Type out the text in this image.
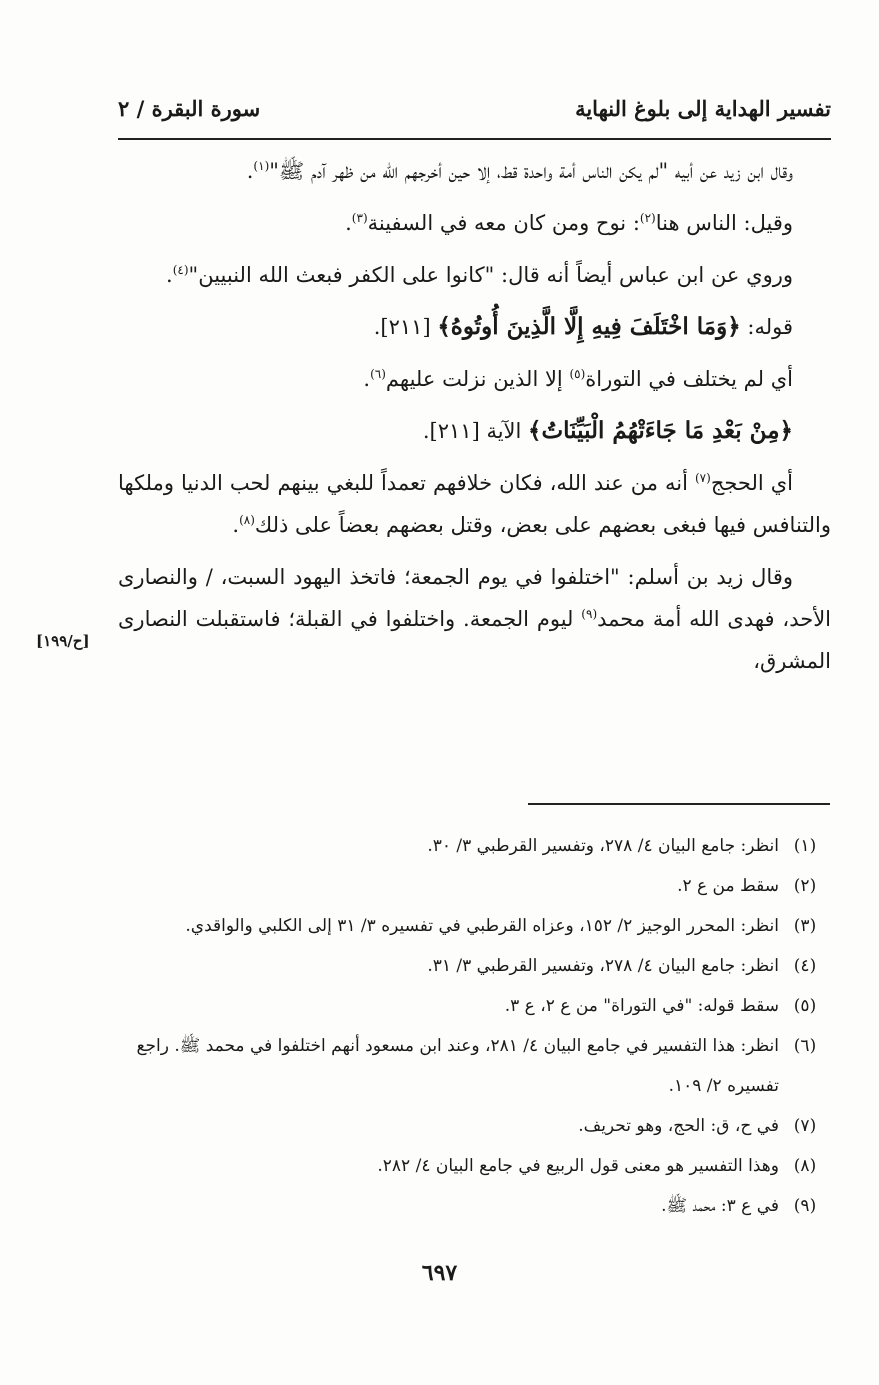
تفسير الهداية إلى بلوغ النهاية
سورة البقرة / ٢
[ح/١٩٩]

وقال ابن زيد عن أبيه "لم يكن الناس أمة واحدة قط، إلا حين أخرجهم الله من ظهر آدم ﷺ"$^{(١)}$.

وقيل: الناس هنا$^{(٢)}$: نوح ومن كان معه في السفينة$^{(٣)}$.

وروي عن ابن عباس أيضاً أنه قال: "كانوا على الكفر فبعث الله النبيين"$^{(٤)}$.

قوله: ﴿وَمَا اخْتَلَفَ فِيهِ إِلَّا الَّذِينَ أُوتُوهُ﴾ [٢١١].

أي لم يختلف في التوراة$^{(٥)}$ إلا الذين نزلت عليهم$^{(٦)}$.

﴿مِنْ بَعْدِ مَا جَاءَتْهُمُ الْبَيِّنَاتُ﴾ الآية [٢١١].

أي الحجج$^{(٧)}$ أنه من عند الله، فكان خلافهم تعمداً للبغي بينهم لحب الدنيا وملكها والتنافس فيها فبغى بعضهم على بعض، وقتل بعضهم بعضاً على ذلك$^{(٨)}$.

وقال زيد بن أسلم: "اختلفوا في يوم الجمعة؛ فاتخذ اليهود السبت، / والنصارى الأحد، فهدى الله أمة محمد$^{(٩)}$ ليوم الجمعة. واختلفوا في القبلة؛ فاستقبلت النصارى المشرق،

(١)
انظر: جامع البيان ٤/ ٢٧٨، وتفسير القرطبي ٣/ ٣٠.
(٢)
سقط من ع ٢.
(٣)
انظر: المحرر الوجيز ٢/ ١٥٢، وعزاه القرطبي في تفسيره ٣/ ٣١ إلى الكلبي والواقدي.
(٤)
انظر: جامع البيان ٤/ ٢٧٨، وتفسير القرطبي ٣/ ٣١.
(٥)
سقط قوله: "في التوراة" من ع ٢، ع ٣.
(٦)
انظر: هذا التفسير في جامع البيان ٤/ ٢٨١، وعند ابن مسعود أنهم اختلفوا في محمد ﷺ. راجع تفسيره ٢/ ١٠٩.
(٧)
في ح، ق: الحج، وهو تحريف.
(٨)
وهذا التفسير هو معنى قول الربيع في جامع البيان ٤/ ٢٨٢.
(٩)
في ع ٣: محمد ﷺ.
٦٩٧
